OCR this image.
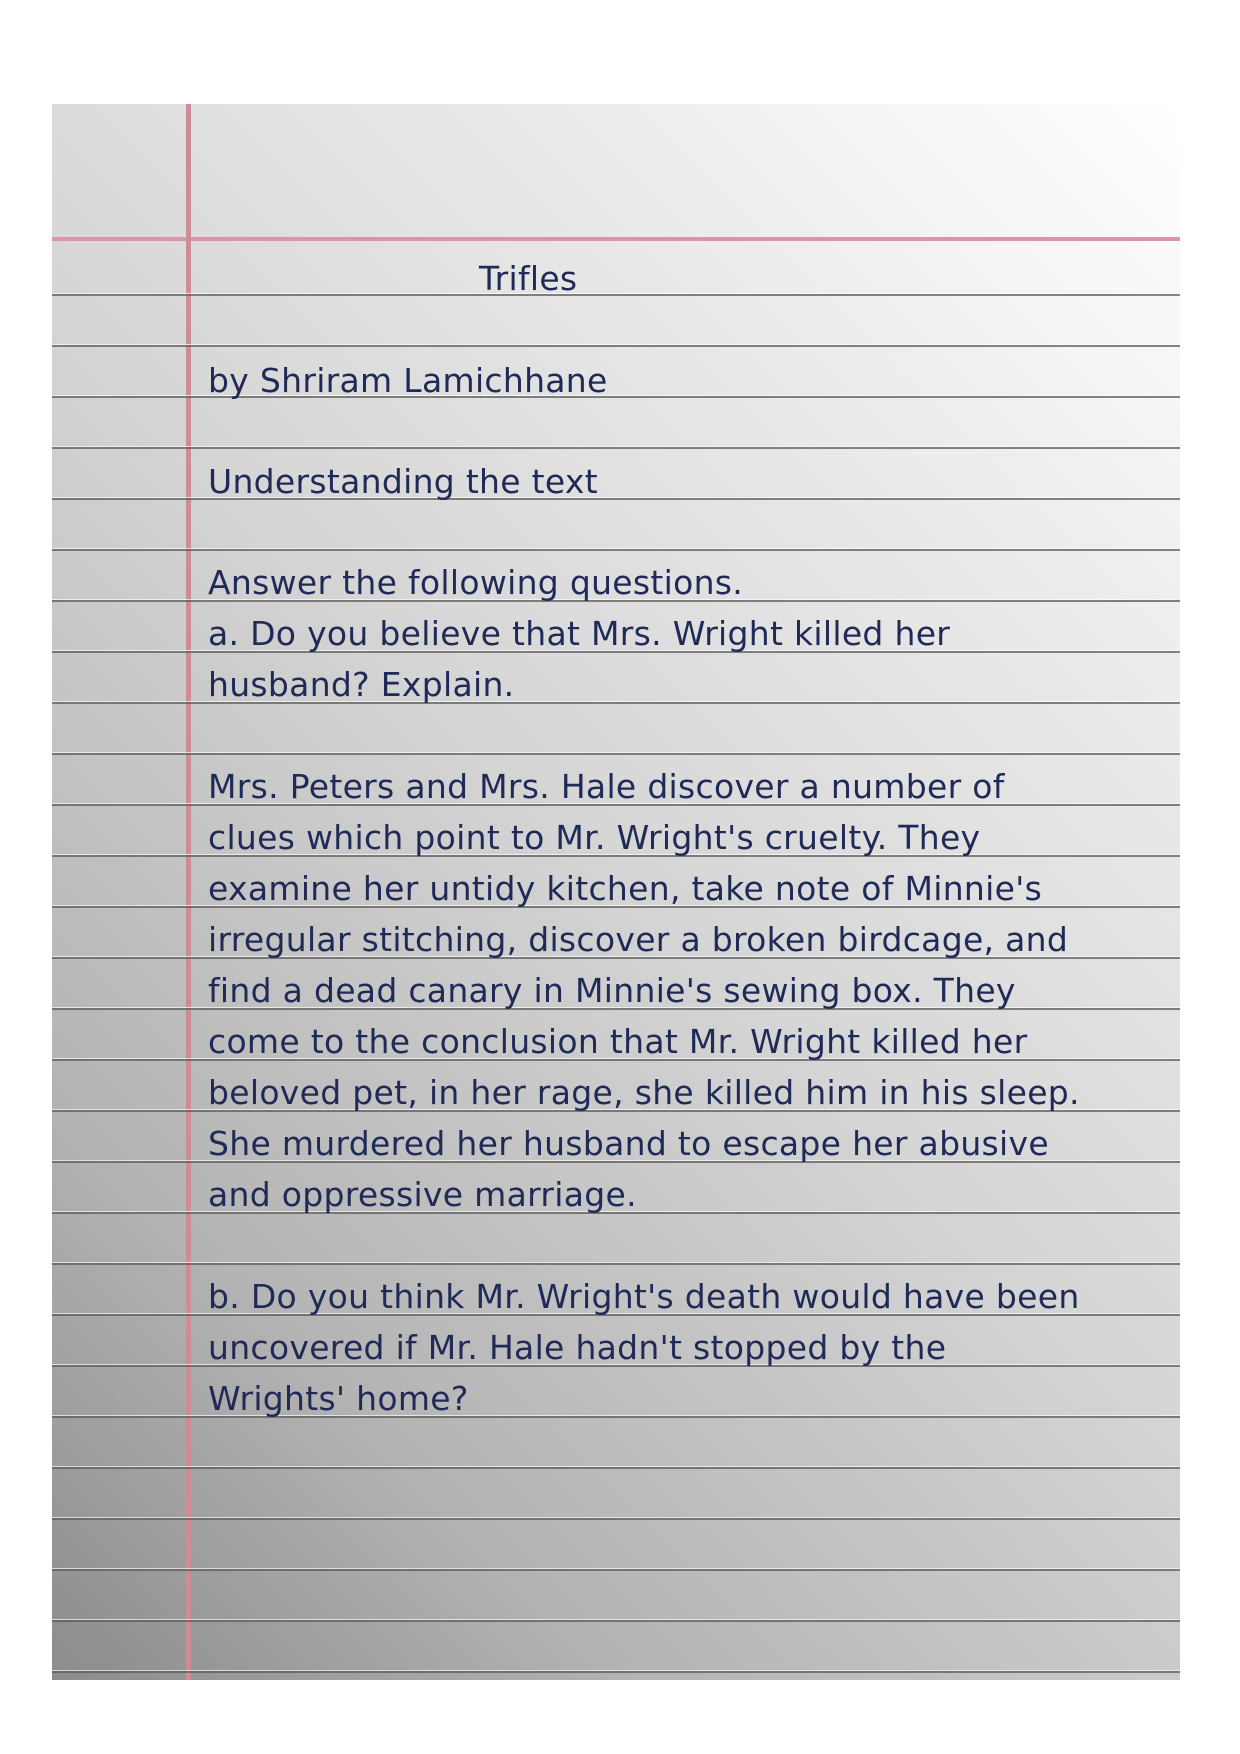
Trifles

by Shriram Lamichhane

Understanding the text

Answer the following questions.

a. Do you believe that Mrs. Wright killed her

husband? Explain.

Mrs. Peters and Mrs. Hale discover a number of

clues which point to Mr. Wright's cruelty. They

examine her untidy kitchen, take note of Minnie's

irregular stitching, discover a broken birdcage, and

find a dead canary in Minnie's sewing box. They

come to the conclusion that Mr. Wright killed her

beloved pet, in her rage, she killed him in his sleep.

She murdered her husband to escape her abusive

and oppressive marriage.

b. Do you think Mr. Wright's death would have been

uncovered if Mr. Hale hadn't stopped by the

Wrights' home?
